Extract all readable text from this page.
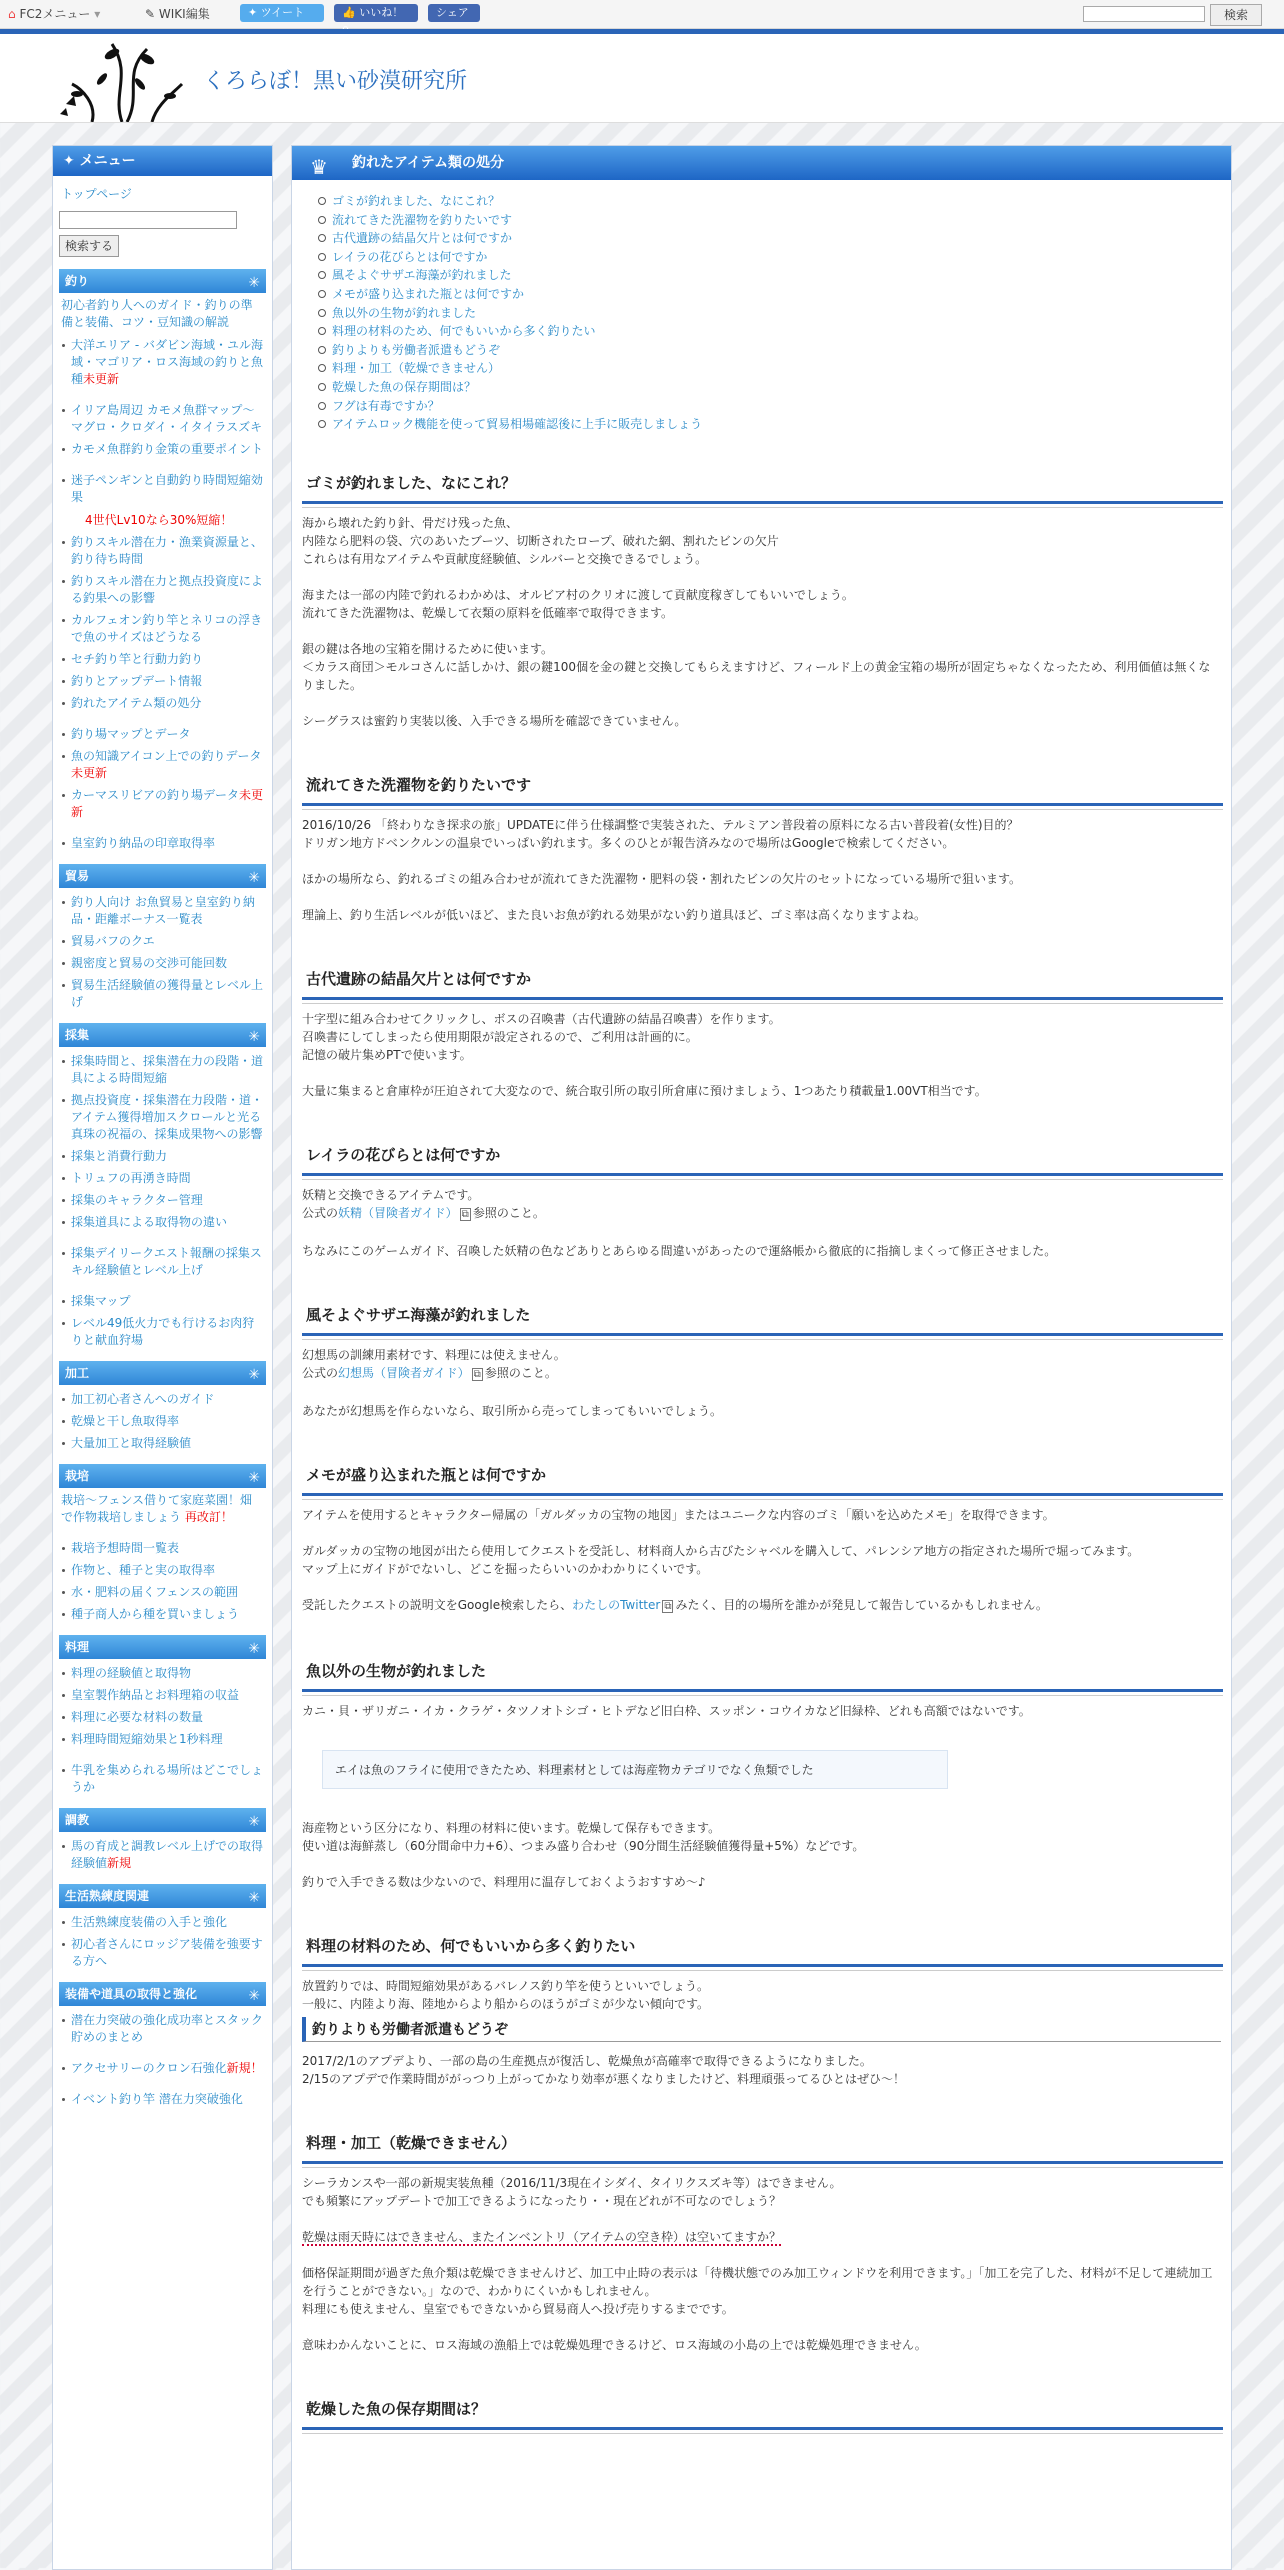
⌂ FC2メニュー ▾	✎ WIKI編集	✦ ツイート	👍 いいね！	シェア	検索
くろらぼ！黒い砂漠研究所
✦ メニュー
トップページ
検索する
釣り	✳
初心者釣り人へのガイド・釣りの準備と装備、コツ・豆知識の解説
大洋エリア - バダビン海域・ユル海域・マゴリア・ロス海域の釣りと魚種未更新
イリア島周辺 カモメ魚群マップ～マグロ・クロダイ・イタイラスズキ
カモメ魚群釣り金策の重要ポイント
迷子ペンギンと自動釣り時間短縮効果
4世代Lv10なら30%短縮！
釣りスキル潜在力・漁業資源量と、釣り待ち時間
釣りスキル潜在力と拠点投資度による釣果への影響
カルフェオン釣り竿とネリコの浮きで魚のサイズはどうなる
セチ釣り竿と行動力釣り
釣りとアップデート情報
釣れたアイテム類の処分
釣り場マップとデータ
魚の知識アイコン上での釣りデータ未更新
カーマスリビアの釣り場データ未更新
皇室釣り納品の印章取得率
貿易	✳
釣り人向け お魚貿易と皇室釣り納品・距離ボーナス一覧表
貿易バフのクエ
親密度と貿易の交渉可能回数
貿易生活経験値の獲得量とレベル上げ
採集	✳
採集時間と、採集潜在力の段階・道具による時間短縮
拠点投資度・採集潜在力段階・道・アイテム獲得増加スクロールと光る真珠の祝福の、採集成果物への影響
採集と消費行動力
トリュフの再湧き時間
採集のキャラクター管理
採集道具による取得物の違い
採集デイリークエスト報酬の採集スキル経験値とレベル上げ
採集マップ
レベル49低火力でも行けるお肉狩りと献血狩場
加工	✳
加工初心者さんへのガイド
乾燥と干し魚取得率
大量加工と取得経験値
栽培	✳
栽培～フェンス借りて家庭菜園！畑で作物栽培しましょう 再改訂！
栽培予想時間一覧表
作物と、種子と実の取得率
水・肥料の届くフェンスの範囲
種子商人から種を買いましょう
料理	✳
料理の経験値と取得物
皇室製作納品とお料理箱の収益
料理に必要な材料の数量
料理時間短縮効果と1秒料理
牛乳を集められる場所はどこでしょうか
調教	✳
馬の育成と調教レベル上げでの取得経験値新規
生活熟練度関連	✳
生活熟練度装備の入手と強化
初心者さんにロッジア装備を強要する方へ
装備や道具の取得と強化	✳
潜在力突破の強化成功率とスタック貯めのまとめ
アクセサリーのクロン石強化新規！
イベント釣り竿 潜在力突破強化
♛ 釣れたアイテム類の処分
ゴミが釣れました、なにこれ？
流れてきた洗濯物を釣りたいです
古代遺跡の結晶欠片とは何ですか
レイラの花びらとは何ですか
風そよぐサザエ海藻が釣れました
メモが盛り込まれた瓶とは何ですか
魚以外の生物が釣れました
料理の材料のため、何でもいいから多く釣りたい
釣りよりも労働者派遣もどうぞ
料理・加工（乾燥できません）
乾燥した魚の保存期間は？
フグは有毒ですか？
アイテムロック機能を使って貿易相場確認後に上手に販売しましょう
ゴミが釣れました、なにこれ？
海から壊れた釣り針、骨だけ残った魚、
内陸なら肥料の袋、穴のあいたブーツ、切断されたロープ、破れた網、割れたビンの欠片
これらは有用なアイテムや貢献度経験値、シルバーと交換できるでしょう。
海または一部の内陸で釣れるわかめは、オルビア村のクリオに渡して貢献度稼ぎしてもいいでしょう。
流れてきた洗濯物は、乾燥して衣類の原料を低確率で取得できます。
銀の鍵は各地の宝箱を開けるために使います。
＜カラス商団＞モルコさんに話しかけ、銀の鍵100個を金の鍵と交換してもらえますけど、フィールド上の黄金宝箱の場所が固定ちゃなくなったため、利用価値は無くなりました。
シーグラスは蜜釣り実装以後、入手できる場所を確認できていません。
流れてきた洗濯物を釣りたいです
2016/10/26 「終わりなき探求の旅」UPDATEに伴う仕様調整で実装された、テルミアン普段着の原料になる古い普段着(女性)目的？
ドリガン地方ドベンクルンの温泉でいっぱい釣れます。多くのひとが報告済みなので場所はGoogleで検索してください。
ほかの場所なら、釣れるゴミの組み合わせが流れてきた洗濯物・肥料の袋・割れたビンの欠片のセットになっている場所で狙います。
理論上、釣り生活レベルが低いほど、また良いお魚が釣れる効果がない釣り道具ほど、ゴミ率は高くなりますよね。
古代遺跡の結晶欠片とは何ですか
十字型に組み合わせてクリックし、ボスの召喚書（古代遺跡の結晶召喚書）を作ります。
召喚書にしてしまったら使用期限が設定されるので、ご利用は計画的に。
記憶の破片集めPTで使います。
大量に集まると倉庫枠が圧迫されて大変なので、統合取引所の取引所倉庫に預けましょう、1つあたり積載量1.00VT相当です。
レイラの花びらとは何ですか
妖精と交換できるアイテムです。
公式の妖精（冒険者ガイド） ⧉ 参照のこと。
ちなみにこのゲームガイド、召喚した妖精の色などありとあらゆる間違いがあったので運絡帳から徹底的に指摘しまくって修正させました。
風そよぐサザエ海藻が釣れました
幻想馬の訓練用素材です、料理には使えません。
公式の幻想馬（冒険者ガイド） ⧉ 参照のこと。
あなたが幻想馬を作らないなら、取引所から売ってしまってもいいでしょう。
メモが盛り込まれた瓶とは何ですか
アイテムを使用するとキャラクター帰属の「ガルダッカの宝物の地図」またはユニークな内容のゴミ「願いを込めたメモ」を取得できます。
ガルダッカの宝物の地図が出たら使用してクエストを受託し、材料商人から古びたシャベルを購入して、パレンシア地方の指定された場所で堀ってみます。
マップ上にガイドがでないし、どこを掘ったらいいのかわかりにくいです。
受託したクエストの説明文をGoogle検索したら、わたしのTwitter ⧉ みたく、目的の場所を誰かが発見して報告しているかもしれません。
魚以外の生物が釣れました
カニ・貝・ザリガニ・イカ・クラゲ・タツノオトシゴ・ヒトデなど旧白枠、スッポン・コウイカなど旧緑枠、どれも高額ではないです。
エイは魚のフライに使用できたため、料理素材としては海産物カテゴリでなく魚類でした
海産物という区分になり、料理の材料に使います。乾燥して保存もできます。
使い道は海鮮蒸し（60分間命中力+6）、つまみ盛り合わせ（90分間生活経験値獲得量+5%）などです。
釣りで入手できる数は少ないので、料理用に温存しておくようおすすめ～♪
料理の材料のため、何でもいいから多く釣りたい
放置釣りでは、時間短縮効果があるバレノス釣り竿を使うといいでしょう。
一般に、内陸より海、陸地からより船からのほうがゴミが少ない傾向です。
釣りよりも労働者派遣もどうぞ
2017/2/1のアプデより、一部の島の生産拠点が復活し、乾燥魚が高確率で取得できるようになりました。
2/15のアプデで作業時間ががっつり上がってかなり効率が悪くなりましたけど、料理頑張ってるひとはぜひ～！
料理・加工（乾燥できません）
シーラカンスや一部の新規実装魚種（2016/11/3現在イシダイ、タイリクスズキ等）はできません。
でも頻繁にアップデートで加工できるようになったり・・現在どれが不可なのでしょう？
乾燥は雨天時にはできません、またインベントリ（アイテムの空き枠）は空いてますか？
価格保証期間が過ぎた魚介類は乾燥できませんけど、加工中止時の表示は「待機状態でのみ加工ウィンドウを利用できます。」「加工を完了した、材料が不足して連続加工を行うことができない。」なので、わかりにくいかもしれません。
料理にも使えません、皇室でもできないから貿易商人へ投げ売りするまでです。
意味わかんないことに、ロス海域の漁船上では乾燥処理できるけど、ロス海域の小島の上では乾燥処理できません。
乾燥した魚の保存期間は？
